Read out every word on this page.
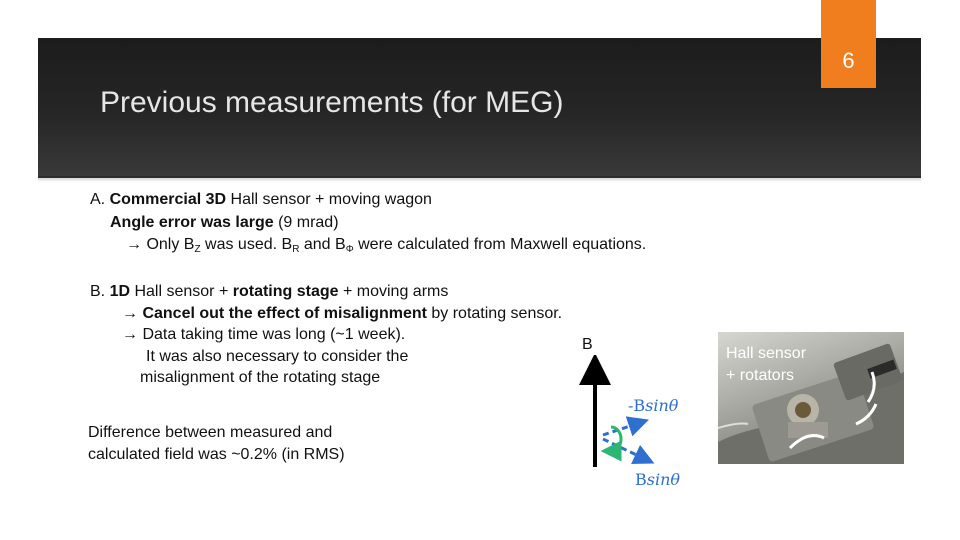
6
Previous measurements (for MEG)
A. Commercial 3D Hall sensor + moving wagon
Angle error was large (9 mrad)
→ Only $B_Z$ was used. $B_R$ and $B_\Phi$ were calculated from Maxwell equations.
B. 1D Hall sensor + rotating stage + moving arms
→ Cancel out the effect of misalignment by rotating sensor.
→ Data taking time was long (~1 week).
It was also necessary to consider the
misalignment of the rotating stage
Difference between measured and
calculated field was ~0.2% (in RMS)
B
-Bsinθ
Bsinθ
Hall sensor
+ rotators
